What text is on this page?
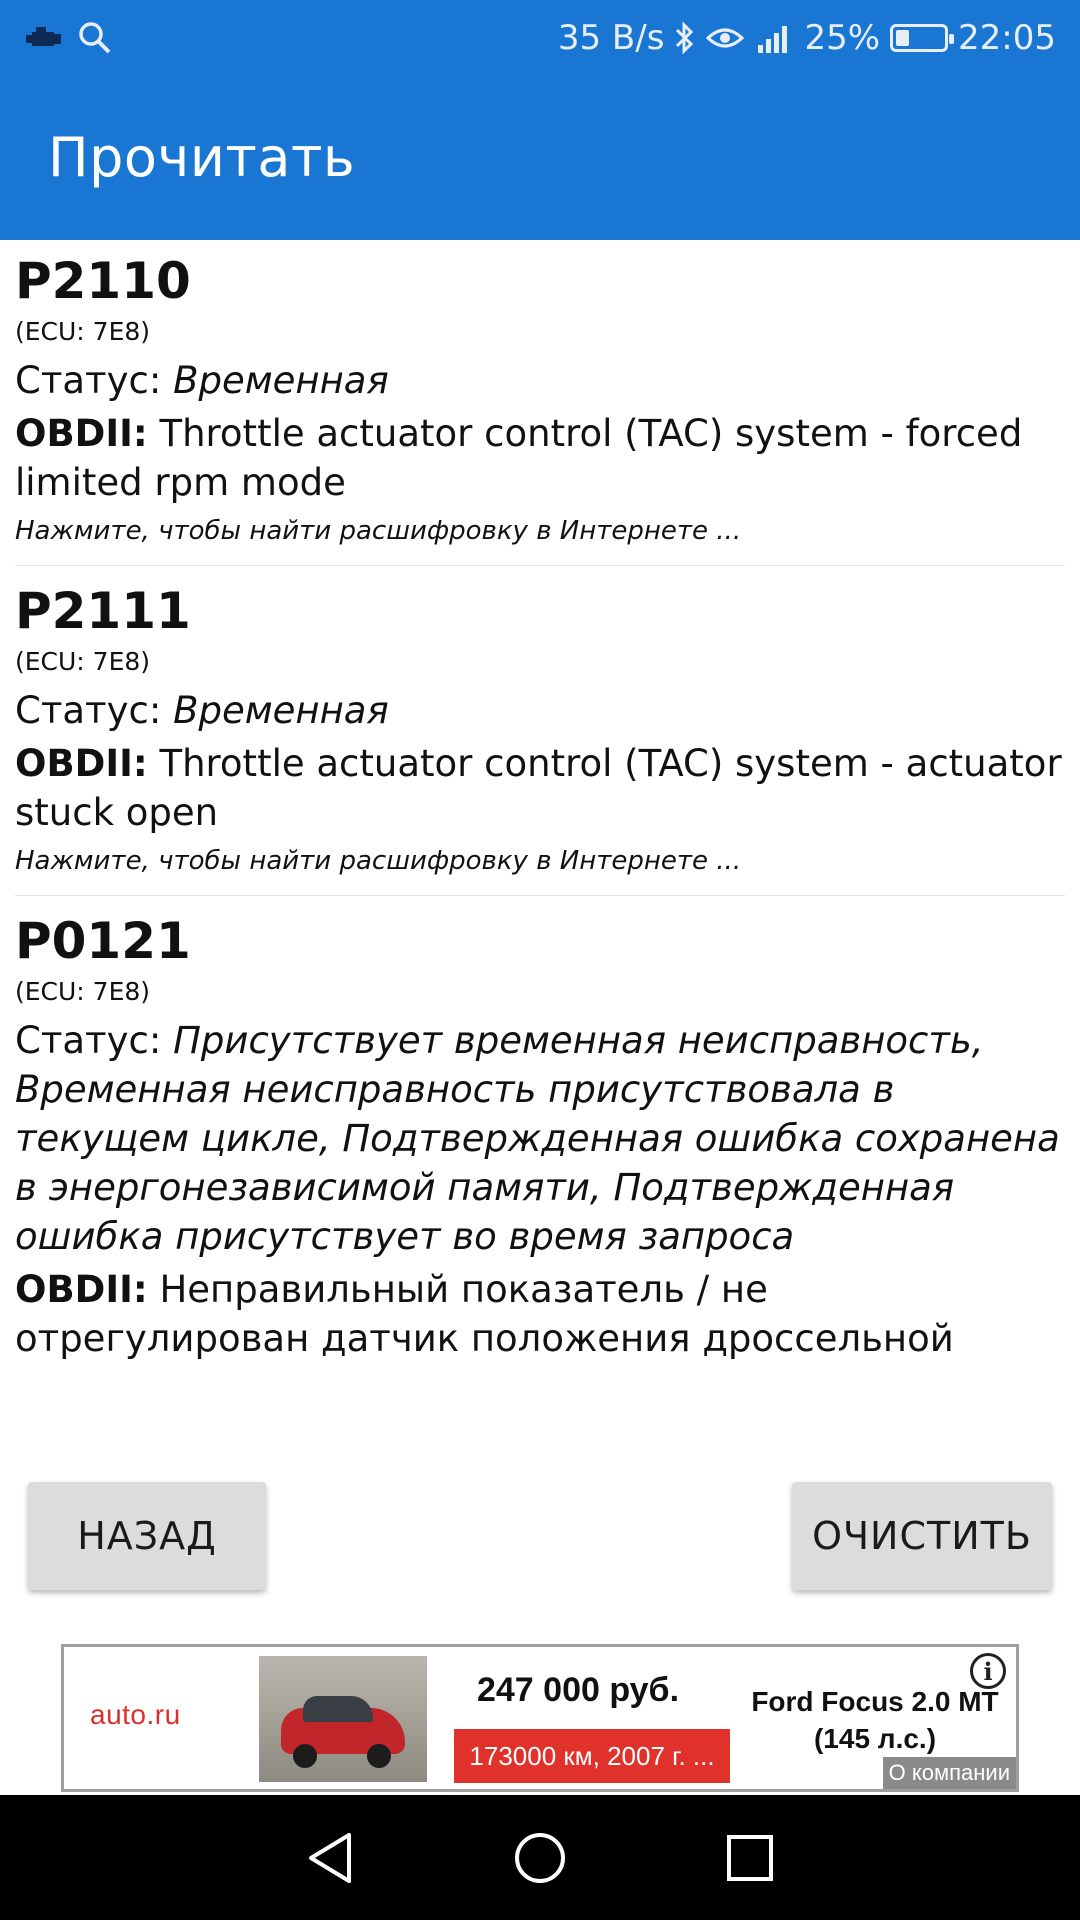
35 B/s	25% 22:05
Прочитать
P2110
(ECU: 7E8)
Статус: Временная
OBDII: Throttle actuator control (TAC) system - forced limited rpm mode
Нажмите, чтобы найти расшифровку в Интернете ...
P2111
(ECU: 7E8)
Статус: Временная
OBDII: Throttle actuator control (TAC) system - actuator stuck open
Нажмите, чтобы найти расшифровку в Интернете ...
P0121
(ECU: 7E8)
Статус: Присутствует временная неисправность, Временная неисправность присутствовала в текущем цикле, Подтвержденная ошибка сохранена в энергонезависимой памяти, Подтвержденная ошибка присутствует во время запроса
OBDII: Неправильный показатель / не отрегулирован датчик положения дроссельной
НАЗАД	ОЧИСТИТЬ
auto.ru
247 000 руб.
173000 км, 2007 г. ...
Ford Focus 2.0 MT (145 л.с.)
i
О компании
